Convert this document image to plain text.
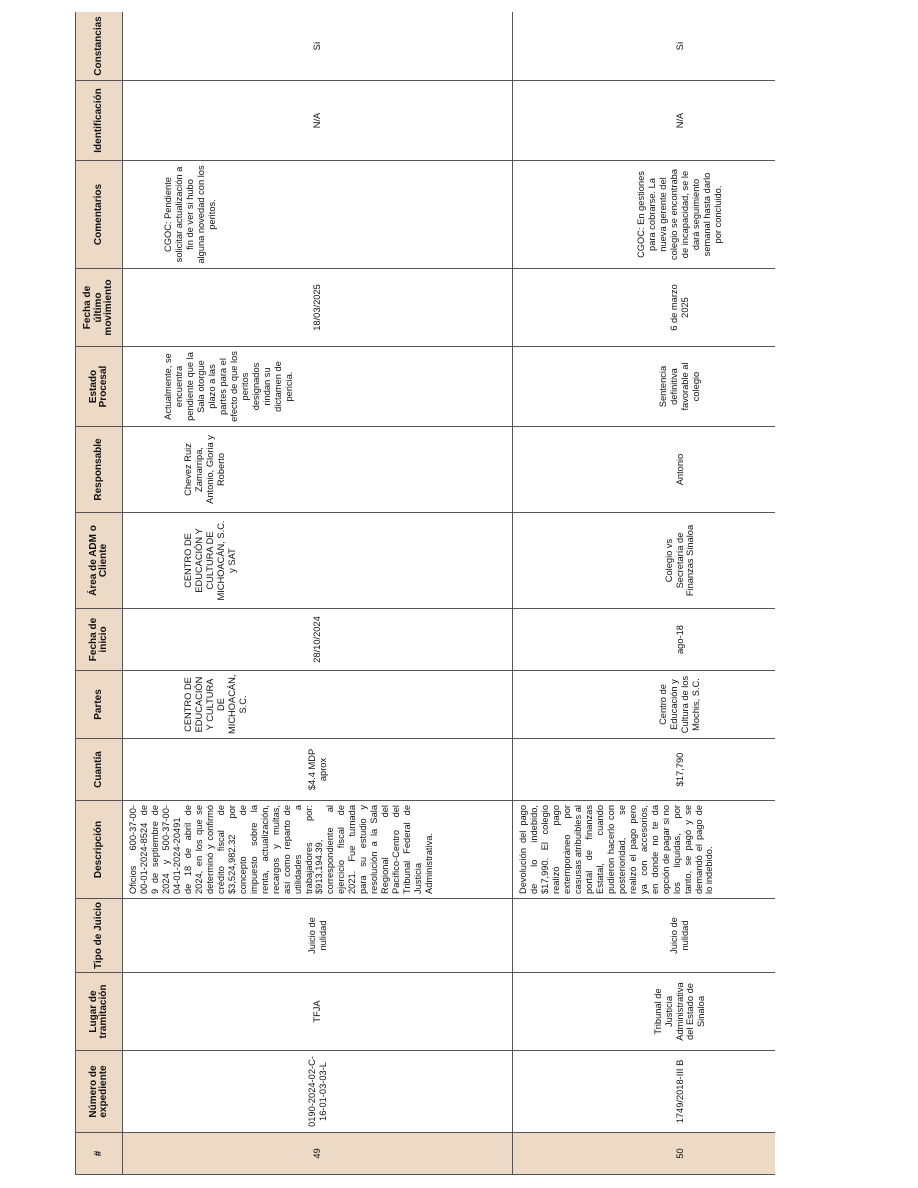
#	Número de expediente	Lugar de tramitación	Tipo de Juicio	Descripción	Cuantía	Partes	Fecha de inicio	Área de ADM o Cliente	Responsable	Estado Procesal	Fecha de último movimiento	Comentarios	Identificación	Constancias
49	0190-2024-02-C-16-01-03-03-L	TFJA	Juicio de nulidad	Oficios 600-37-00-00-01-2024-8524 de 9 de septiembre de 2024 y 500-37-00-04-01-2024-20491 de 18 de abril de 2024, en los que se determinó y confirmó crédito fiscal de $3,524,982.32 por concepto de impuesto sobre la renta, actualización, recargos y multas, así como reparto de utilidades a trabajadores por: $913,194.39, correspondiente al ejercicio fiscal de 2021. Fue turnada para su estudio y resolución a la Sala Regional del Pacífico-Centro del Tribunal Federal de Justicia Administrativa.	$4.4 MDP aprox	CENTRO DE EDUCACIÓN Y CULTURA DE MICHOACÁN, S.C.	28/10/2024	CENTRO DE EDUCACIÓN Y CULTURA DE MICHOACÁN, S.C. y SAT	Chevez Ruiz Zamarripa, Antonio, Gloria y Roberto	Actualmente, se encuentra pendiente que la Sala otorgue plazo a las partes para el efecto de que los peritos designados rindan su dictamen de pericia.	18/03/2025	CGOC: Pendiente solicitar actualización a fin de ver si hubo alguna novedad con los peritos.	N/A	Sí
50	1749/2018-III B	Tribunal de Justicia Administrativa del Estado de Sinaloa	Juicio de nulidad	Devolución del pago de lo indebido, $17,990. El colegio realizó pago extemporáneo por casusas atribuibles al portal de finanzas Estatal, cuando pudieron hacerlo con posterioridad, se realizó el pago pero ya con accesorios, en donde no te da opción de pagar si no los liquidas, por tanto, se pagó y se demandó el pago de lo indebido.	$17,790	Centro de Educación y Cultura de los Mochis, S.C.	ago-18	Colegio vs Secretaría de Finanzas Sinaloa	Antonio	Sentencia definitiva favorable al colegio	6 de marzo 2025	CGOC: En gestiones para cobrarse. La nueva gerente del colegio se encontraba de incapacidad, se le dará seguimiento semanal hasta darlo por concluido.	N/A	Sí
